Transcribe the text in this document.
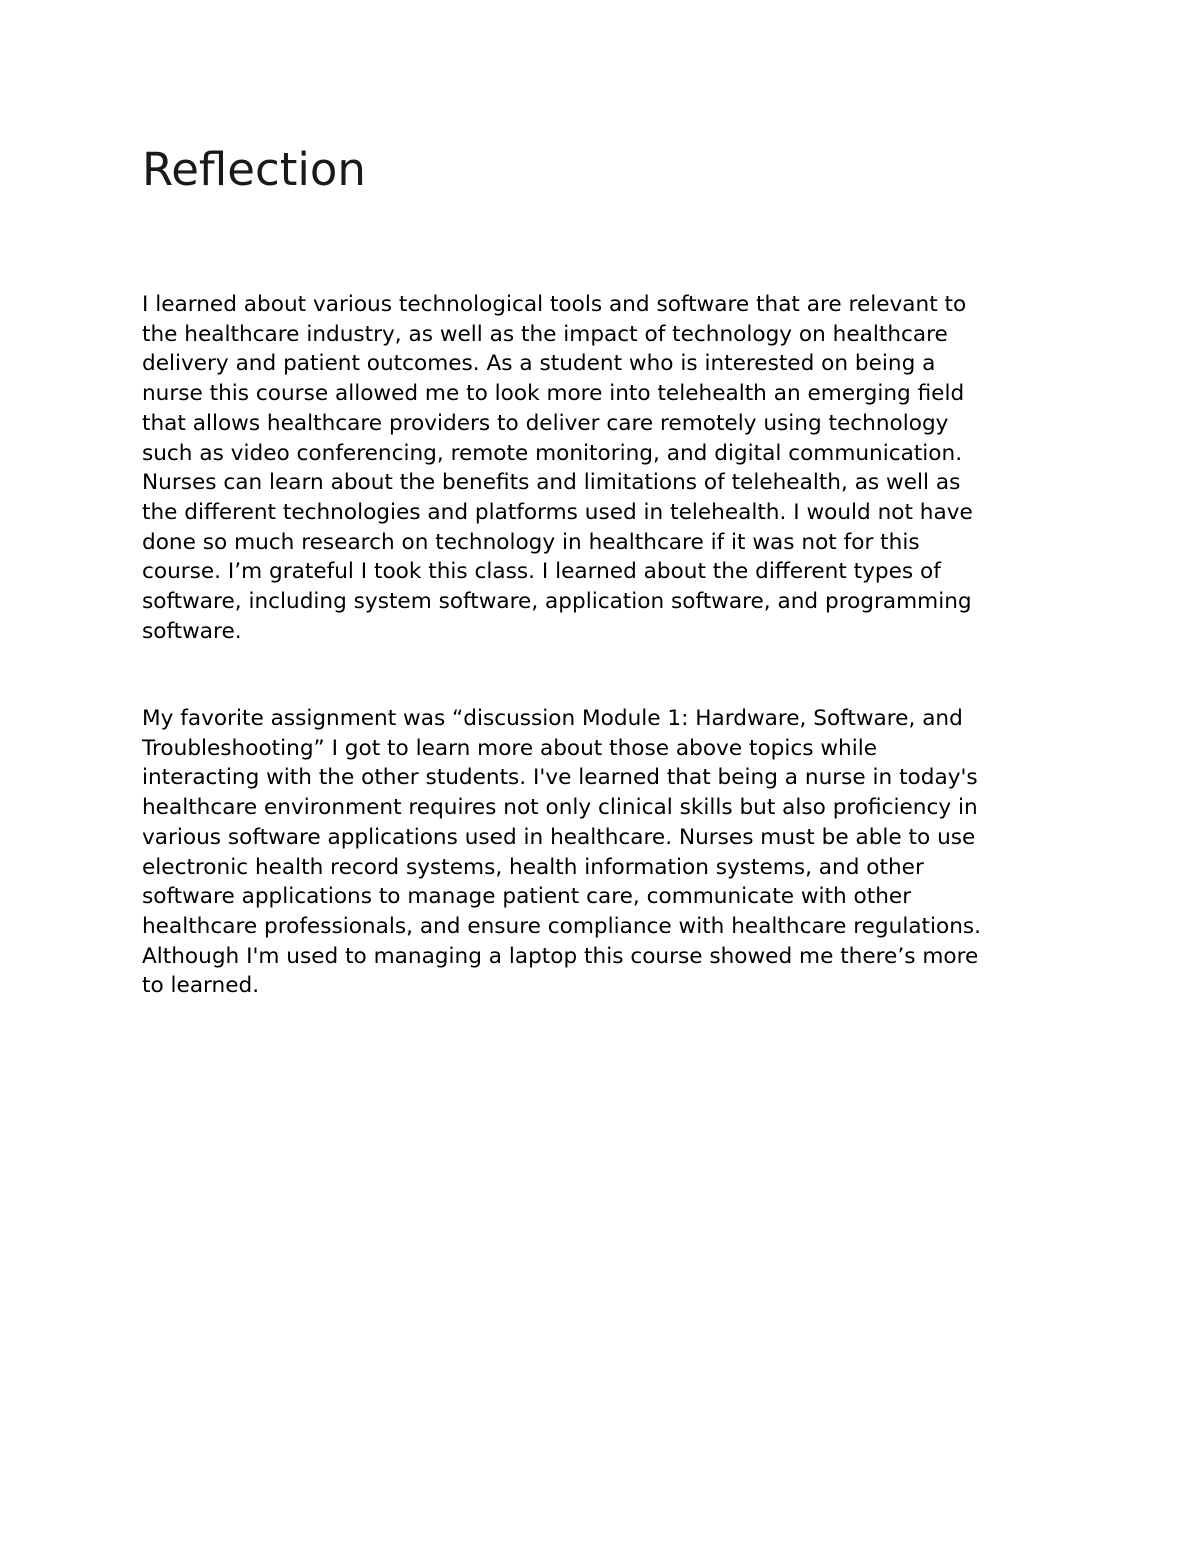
Reflection

I learned about various technological tools and software that are relevant to
the healthcare industry, as well as the impact of technology on healthcare
delivery and patient outcomes. As a student who is interested on being a
nurse this course allowed me to look more into telehealth an emerging field
that allows healthcare providers to deliver care remotely using technology
such as video conferencing, remote monitoring, and digital communication.
Nurses can learn about the benefits and limitations of telehealth, as well as
the different technologies and platforms used in telehealth. I would not have
done so much research on technology in healthcare if it was not for this
course. I’m grateful I took this class. I learned about the different types of
software, including system software, application software, and programming
software.

My favorite assignment was “discussion Module 1: Hardware, Software, and
Troubleshooting” I got to learn more about those above topics while
interacting with the other students. I've learned that being a nurse in today's
healthcare environment requires not only clinical skills but also proficiency in
various software applications used in healthcare. Nurses must be able to use
electronic health record systems, health information systems, and other
software applications to manage patient care, communicate with other
healthcare professionals, and ensure compliance with healthcare regulations.
Although I'm used to managing a laptop this course showed me there’s more
to learned.
